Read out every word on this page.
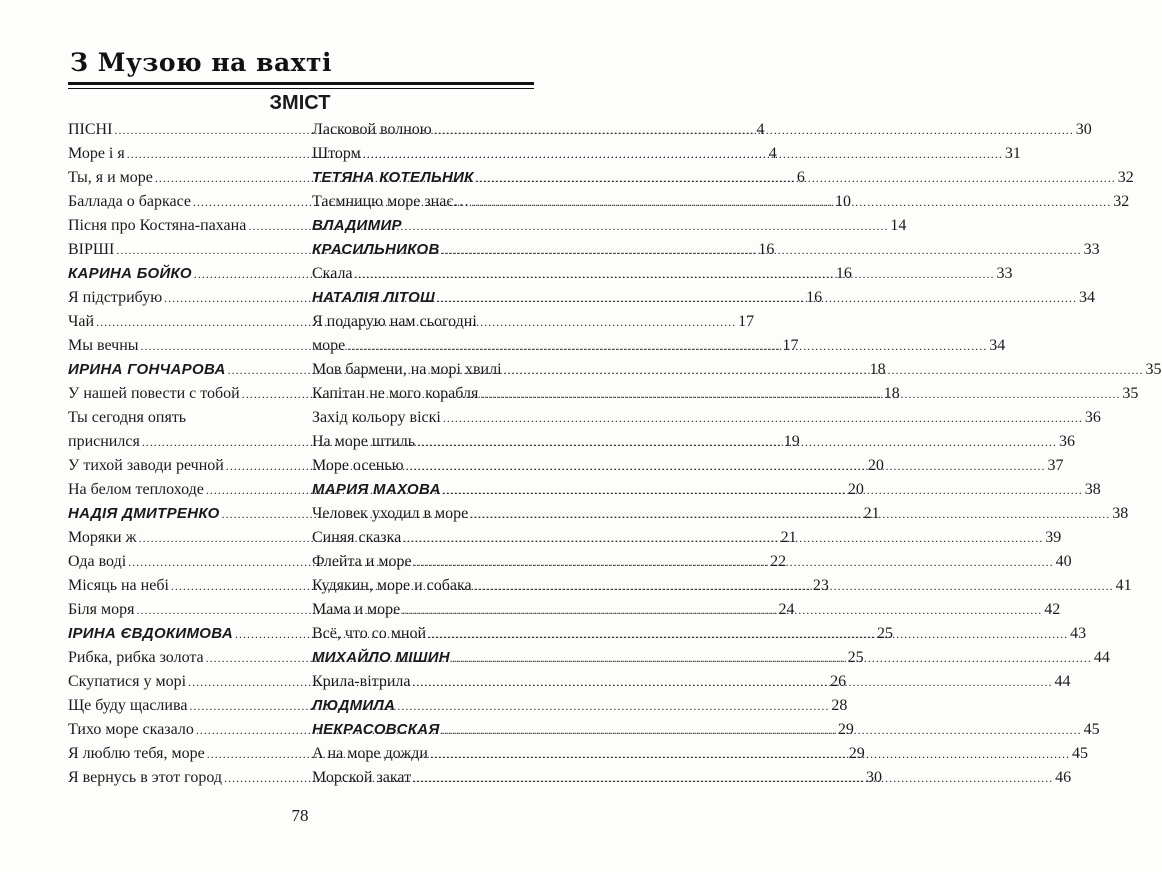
З Музою на вахті
ЗМІСТ
ПІСНІ .....	4
Море і я .....	4
Ты, я и море .....	6
Баллада о баркасе .....	10
Пісня про Костяна-пахана .....	14
ВІРШІ .....	16
КАРИНА БОЙКО .....	16
Я підстрибую .....	16
Чай .....	17
Мы вечны .....	17
ИРИНА ГОНЧАРОВА .....	18
У нашей повести с тобой .....	18
Ты сегодня опять
приснился .....	19
У тихой заводи речной .....	20
На белом теплоходе .....	20
НАДІЯ ДМИТРЕНКО .....	21
Моряки ж .....	21
Ода воді .....	22
Місяць на небі .....	23
Біля моря .....	24
ІРИНА ЄВДОКИМОВА .....	25
Рибка, рибка золота .....	25
Скупатися у морі .....	26
Ще буду щаслива .....	28
Тихо море сказало .....	29
Я люблю тебя, море .....	29
Я вернусь в этот город .....	30
Ласковой волною .....	30
Шторм .....	31
ТЕТЯНА КОТЕЛЬНИК .....	32
Таємницю море знає… .....	32
ВЛАДИМИР
КРАСИЛЬНИКОВ .....	33
Скала .....	33
НАТАЛІЯ ЛІТОШ .....	34
Я подарую нам сьогодні
море .....	34
Мов бармени, на морі хвилі .....	35
Капітан не мого корабля .....	35
Захід кольору віскі .....	36
На море штиль .....	36
Море осенью .....	37
МАРИЯ МАХОВА .....	38
Человек уходил в море .....	38
Синяя сказка .....	39
Флейта и море .....	40
Кудякин, море и собака .....	41
Мама и море .....	42
Всё, что со мной .....	43
МИХАЙЛО МІШИН .....	44
Крила-вітрила .....	44
ЛЮДМИЛА
НЕКРАСОВСКАЯ .....	45
А на море дожди .....	45
Морской закат .....	46
78
